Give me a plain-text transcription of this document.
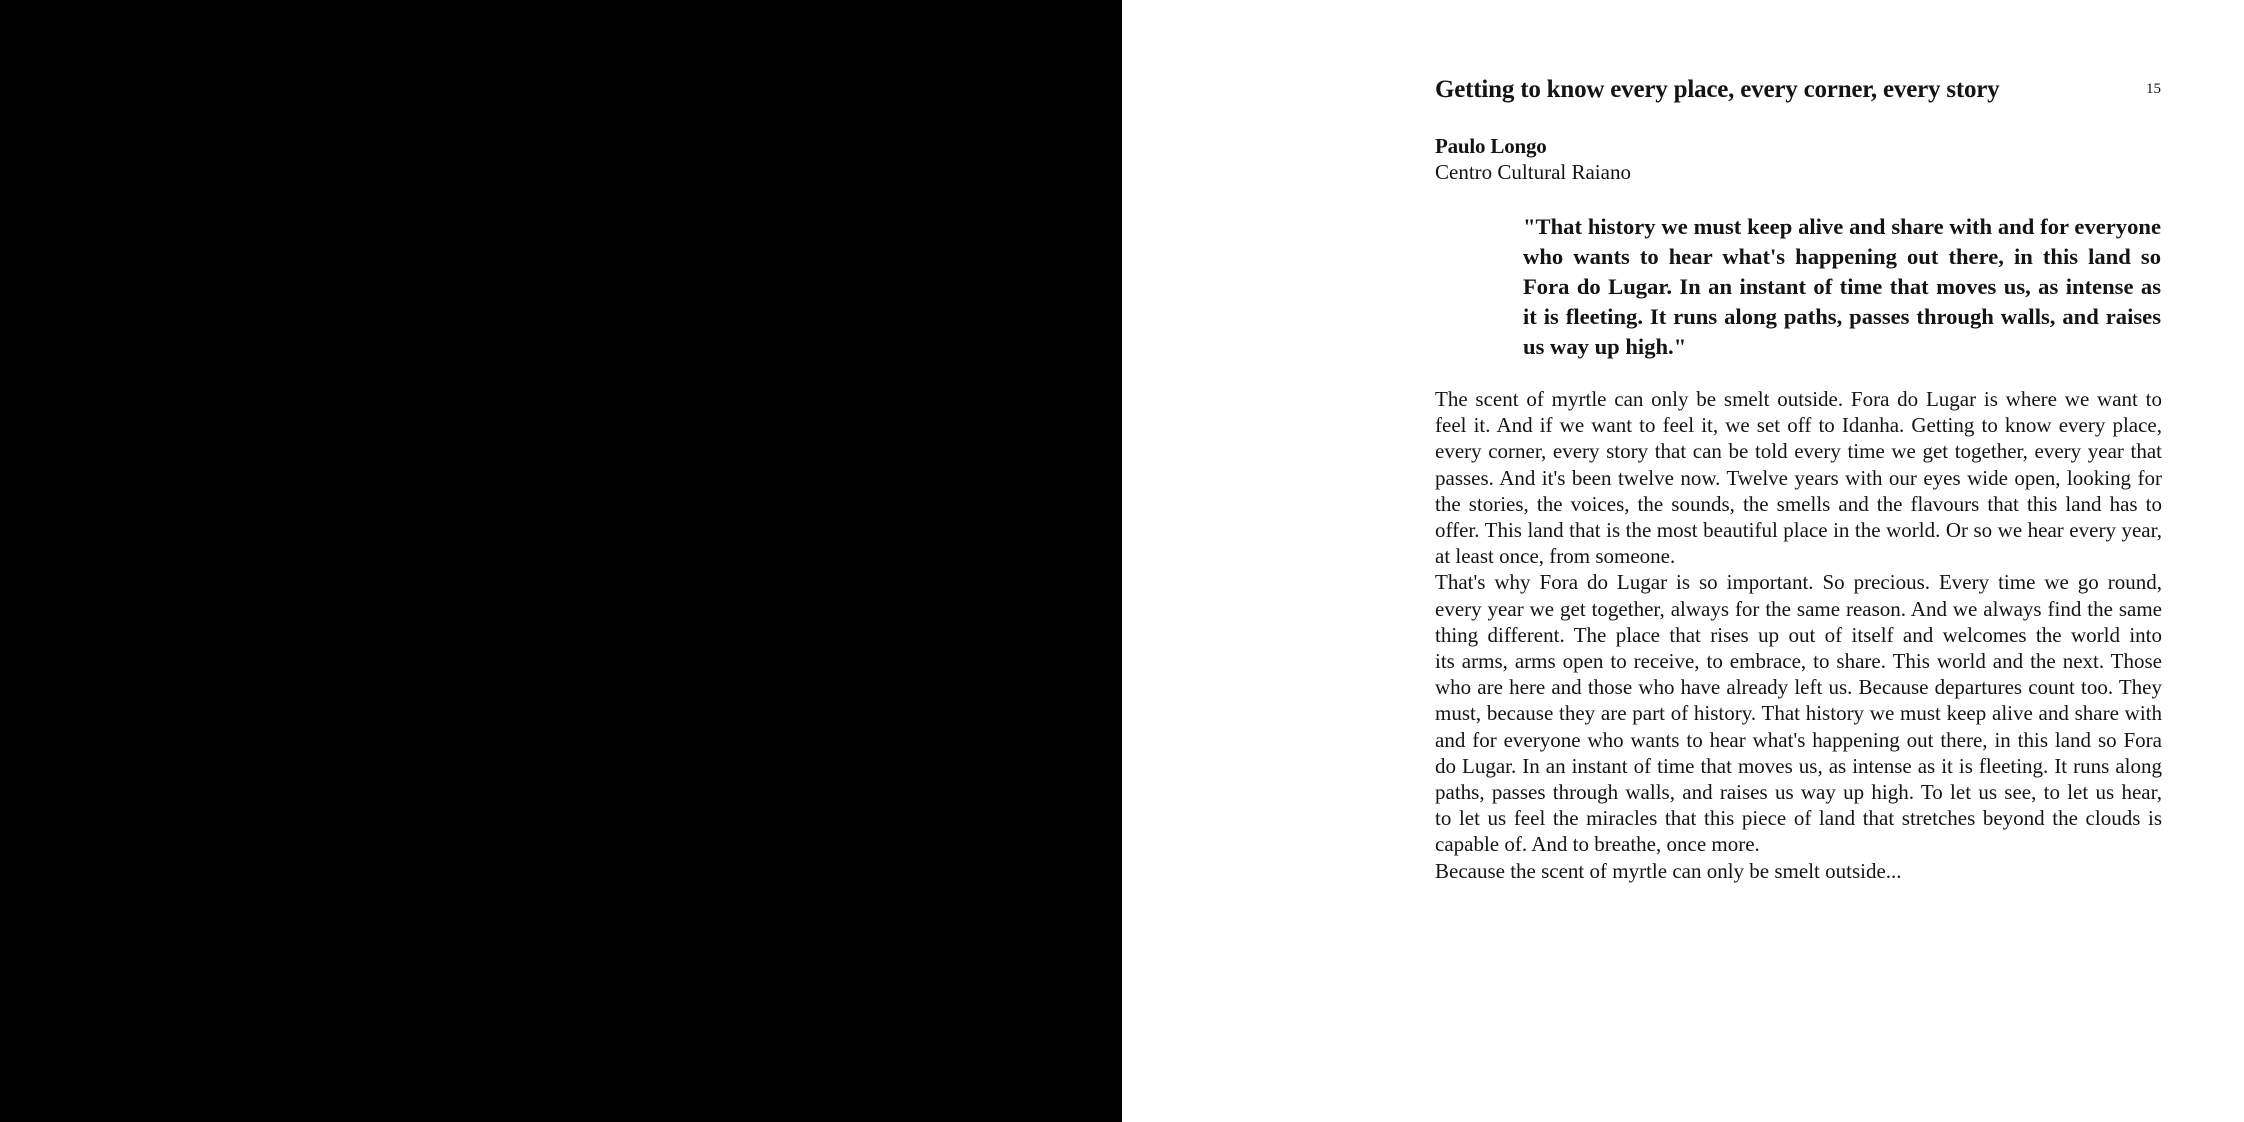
15
Getting to know every place, every corner, every story
Paulo Longo
Centro Cultural Raiano
"That history we must keep alive and share with and for everyone
who wants to hear what's happening out there, in this land so
Fora do Lugar. In an instant of time that moves us, as intense as
it is fleeting. It runs along paths, passes through walls, and raises
us way up high."
The scent of myrtle can only be smelt outside. Fora do Lugar is where we want to
feel it. And if we want to feel it, we set off to Idanha. Getting to know every place,
every corner, every story that can be told every time we get together, every year that
passes. And it's been twelve now. Twelve years with our eyes wide open, looking for
the stories, the voices, the sounds, the smells and the flavours that this land has to
offer. This land that is the most beautiful place in the world. Or so we hear every year,
at least once, from someone.
That's why Fora do Lugar is so important. So precious. Every time we go round,
every year we get together, always for the same reason. And we always find the same
thing different. The place that rises up out of itself and welcomes the world into
its arms, arms open to receive, to embrace, to share. This world and the next. Those
who are here and those who have already left us. Because departures count too. They
must, because they are part of history. That history we must keep alive and share with
and for everyone who wants to hear what's happening out there, in this land so Fora
do Lugar. In an instant of time that moves us, as intense as it is fleeting. It runs along
paths, passes through walls, and raises us way up high. To let us see, to let us hear,
to let us feel the miracles that this piece of land that stretches beyond the clouds is
capable of. And to breathe, once more.
Because the scent of myrtle can only be smelt outside...
